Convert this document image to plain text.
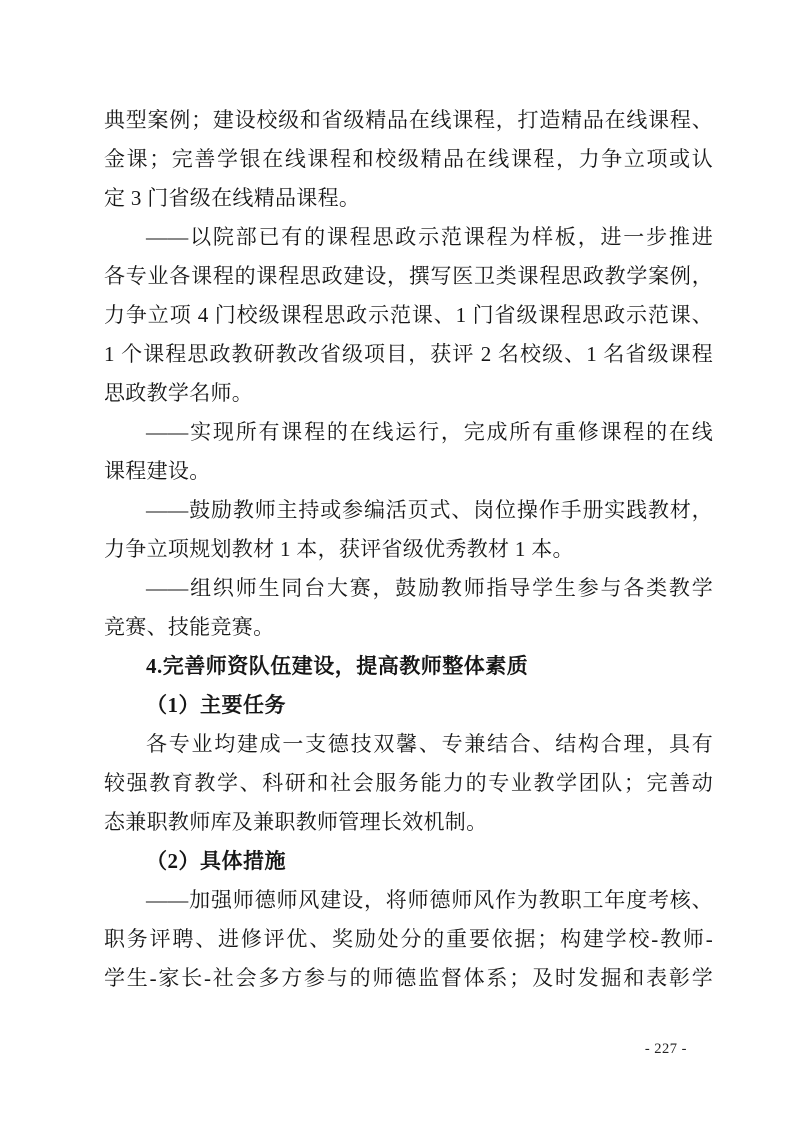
典型案例；建设校级和省级精品在线课程，打造精品在线课程、
金课；完善学银在线课程和校级精品在线课程，力争立项或认
定 3 门省级在线精品课程。
——以院部已有的课程思政示范课程为样板，进一步推进
各专业各课程的课程思政建设，撰写医卫类课程思政教学案例，
力争立项 4 门校级课程思政示范课、1 门省级课程思政示范课、
1 个课程思政教研教改省级项目，获评 2 名校级、1 名省级课程
思政教学名师。
——实现所有课程的在线运行，完成所有重修课程的在线
课程建设。
——鼓励教师主持或参编活页式、岗位操作手册实践教材，
力争立项规划教材 1 本，获评省级优秀教材 1 本。
——组织师生同台大赛，鼓励教师指导学生参与各类教学
竞赛、技能竞赛。
4.完善师资队伍建设，提高教师整体素质
（1）主要任务
各专业均建成一支德技双馨、专兼结合、结构合理，具有
较强教育教学、科研和社会服务能力的专业教学团队；完善动
态兼职教师库及兼职教师管理长效机制。
（2）具体措施
——加强师德师风建设，将师德师风作为教职工年度考核、
职务评聘、进修评优、奖励处分的重要依据；构建学校-教师-
学生-家长-社会多方参与的师德监督体系；及时发掘和表彰学
- 227 -
